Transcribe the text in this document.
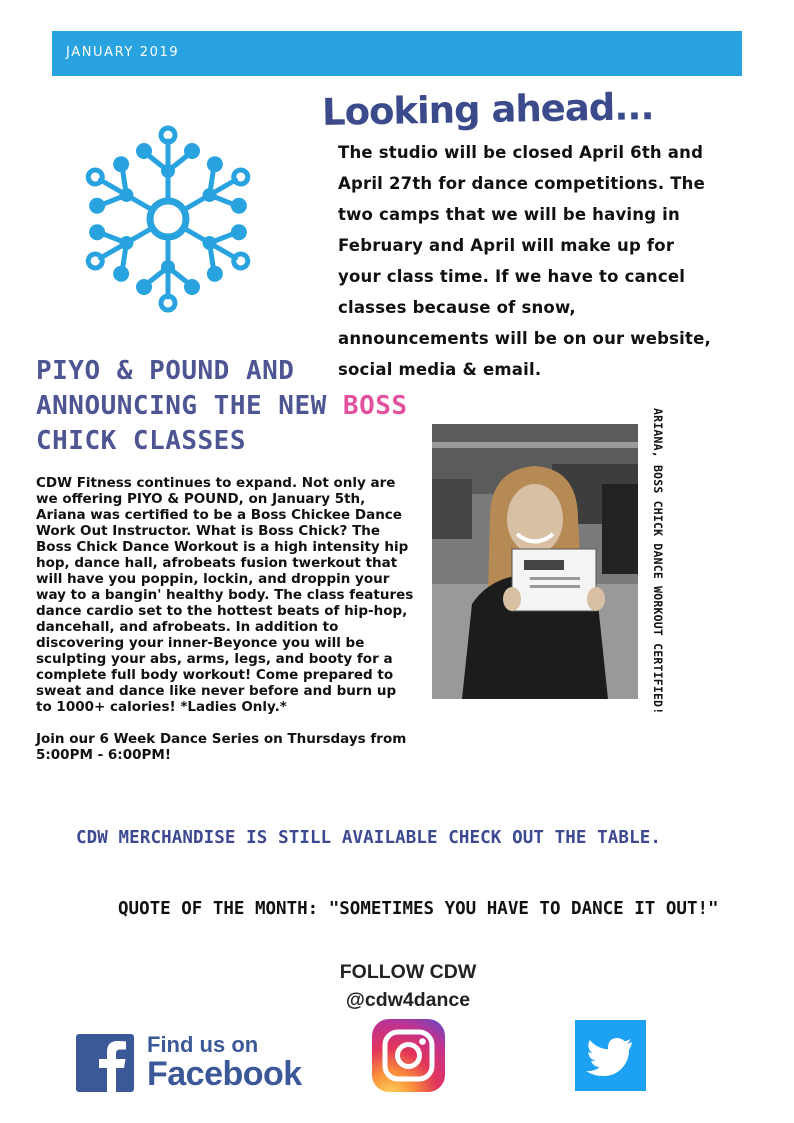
JANUARY 2019
Looking ahead...
The studio will be closed April 6th and April 27th for dance competitions. The two camps that we will be having in February and April will make up for your class time. If we have to cancel classes because of snow, announcements will be on our website, social media & email.
PIYO & POUND AND
ANNOUNCING THE NEW BOSS
CHICK CLASSES

CDW Fitness continues to expand. Not only are we offering PIYO & POUND, on January 5th, Ariana was certified to be a Boss Chickee Dance Work Out Instructor. What is Boss Chick? The Boss Chick Dance Workout is a high intensity hip hop, dance hall, afrobeats fusion twerkout that will have you poppin, lockin, and droppin your way to a bangin' healthy body. The class features dance cardio set to the hottest beats of hip-hop, dancehall, and afrobeats. In addition to discovering your inner-Beyonce you will be sculpting your abs, arms, legs, and booty for a complete full body workout! Come prepared to sweat and dance like never before and burn up to 1000+ calories! *Ladies Only.*

Join our 6 Week Dance Series on Thursdays from 5:00PM - 6:00PM!

ARIANA, BOSS CHICK DANCE WORKOUT CERTIFIED!
CDW MERCHANDISE IS STILL AVAILABLE CHECK OUT THE TABLE.
QUOTE OF THE MONTH: "SOMETIMES YOU HAVE TO DANCE IT OUT!"
FOLLOW CDW
@cdw4dance
Find us on
Facebook
